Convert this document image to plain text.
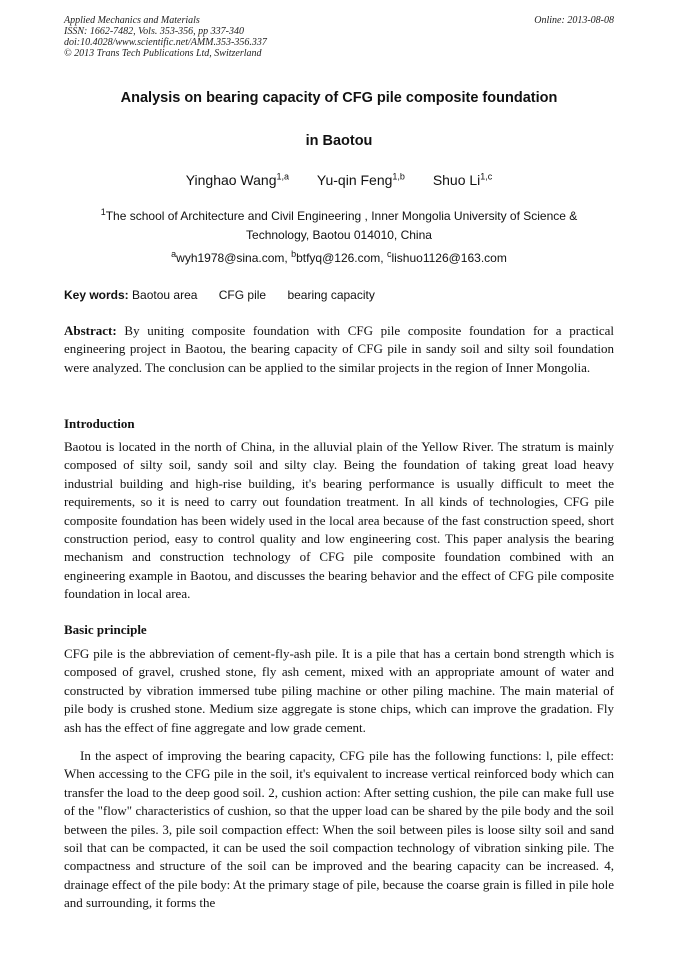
Applied Mechanics and Materials
ISSN: 1662-7482, Vols. 353-356, pp 337-340
doi:10.4028/www.scientific.net/AMM.353-356.337
© 2013 Trans Tech Publications Ltd, Switzerland
Online: 2013-08-08
Analysis on bearing capacity of CFG pile composite foundation
in Baotou
Yinghao Wang$^{1,a}$ Yu-qin Feng$^{1,b}$ Shuo Li$^{1,c}$
$^1$The school of Architecture and Civil Engineering , Inner Mongolia University of Science & Technology, Baotou 014010, China
$^a$wyh1978@sina.com, $^b$btfyq@126.com, $^c$lishuo1126@163.com
Key words: Baotou area CFG pile bearing capacity

Abstract: By uniting composite foundation with CFG pile composite foundation for a practical engineering project in Baotou, the bearing capacity of CFG pile in sandy soil and silty soil foundation were analyzed. The conclusion can be applied to the similar projects in the region of Inner Mongolia.

Introduction

Baotou is located in the north of China, in the alluvial plain of the Yellow River. The stratum is mainly composed of silty soil, sandy soil and silty clay. Being the foundation of taking great load heavy industrial building and high-rise building, it's bearing performance is usually difficult to meet the requirements, so it is need to carry out foundation treatment. In all kinds of technologies, CFG pile composite foundation has been widely used in the local area because of the fast construction speed, short construction period, easy to control quality and low engineering cost. This paper analysis the bearing mechanism and construction technology of CFG pile composite foundation combined with an engineering example in Baotou, and discusses the bearing behavior and the effect of CFG pile composite foundation in local area.

Basic principle

CFG pile is the abbreviation of cement-fly-ash pile. It is a pile that has a certain bond strength which is composed of gravel, crushed stone, fly ash cement, mixed with an appropriate amount of water and constructed by vibration immersed tube piling machine or other piling machine. The main material of pile body is crushed stone. Medium size aggregate is stone chips, which can improve the gradation. Fly ash has the effect of fine aggregate and low grade cement.

In the aspect of improving the bearing capacity, CFG pile has the following functions: l, pile effect: When accessing to the CFG pile in the soil, it's equivalent to increase vertical reinforced body which can transfer the load to the deep good soil. 2, cushion action: After setting cushion, the pile can make full use of the "flow" characteristics of cushion, so that the upper load can be shared by the pile body and the soil between the piles. 3, pile soil compaction effect: When the soil between piles is loose silty soil and sand soil that can be compacted, it can be used the soil compaction technology of vibration sinking pile. The compactness and structure of the soil can be improved and the bearing capacity can be increased. 4, drainage effect of the pile body: At the primary stage of pile, because the coarse grain is filled in pile hole and surrounding, it forms the
